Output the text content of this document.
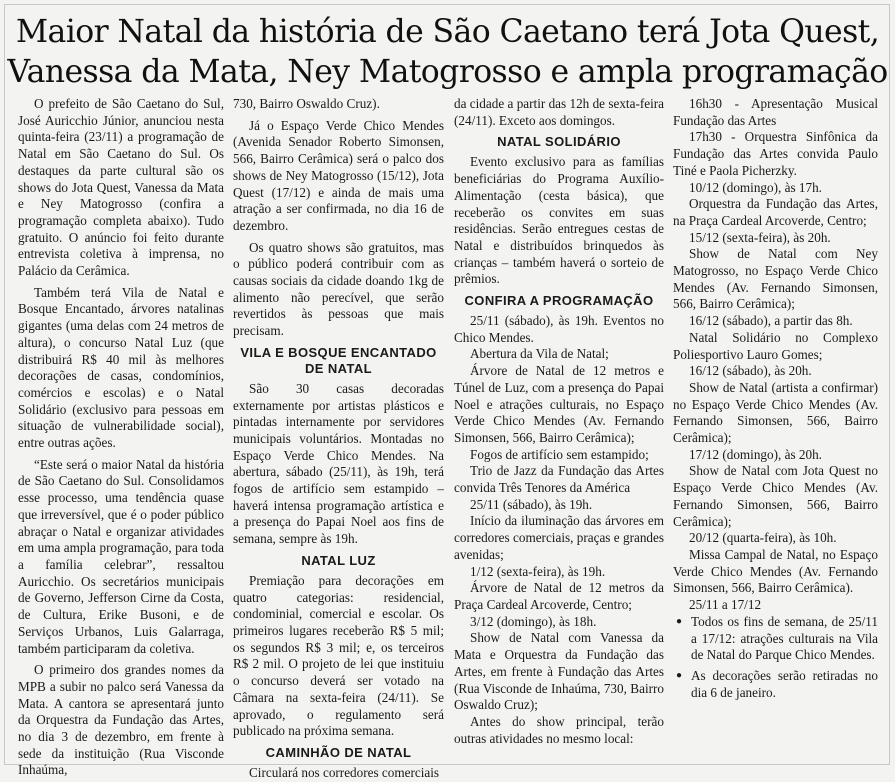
Maior Natal da história de São Caetano terá Jota Quest,
Vanessa da Mata, Ney Matogrosso e ampla programação

O prefeito de São Caetano do Sul, José Auricchio Júnior, anunciou nesta quinta-feira (23/11) a programação de Natal em São Caetano do Sul. Os destaques da parte cultural são os shows do Jota Quest, Vanessa da Mata e Ney Matogrosso (confira a programação completa abaixo). Tudo gratuito. O anúncio foi feito durante entrevista coletiva à imprensa, no Palácio da Cerâmica.

Também terá Vila de Natal e Bosque Encantado, árvores natalinas gigantes (uma delas com 24 metros de altura), o concurso Natal Luz (que distribuirá R$ 40 mil às melhores decorações de casas, condomínios, comércios e escolas) e o Natal Solidário (exclusivo para pessoas em situação de vulnerabilidade social), entre outras ações.

“Este será o maior Natal da história de São Caetano do Sul. Consolidamos esse processo, uma tendência quase que irreversível, que é o poder público abraçar o Natal e organizar atividades em uma ampla programação, para toda a família celebrar”, ressaltou Auricchio. Os secretários municipais de Governo, Jefferson Cirne da Costa, de Cultura, Erike Busoni, e de Serviços Urbanos, Luis Galarraga, também participaram da coletiva.

O primeiro dos grandes nomes da MPB a subir no palco será Vanessa da Mata. A cantora se apresentará junto da Orquestra da Fundação das Artes, no dia 3 de dezembro, em frente à sede da instituição (Rua Visconde Inhaúma,

730, Bairro Oswaldo Cruz).

Já o Espaço Verde Chico Mendes (Avenida Senador Roberto Simonsen, 566, Bairro Cerâmica) será o palco dos shows de Ney Matogrosso (15/12), Jota Quest (17/12) e ainda de mais uma atração a ser confirmada, no dia 16 de dezembro.

Os quatro shows são gratuitos, mas o público poderá contribuir com as causas sociais da cidade doando 1kg de alimento não perecível, que serão revertidos às pessoas que mais precisam.

VILA E BOSQUE ENCANTADO DE NATAL

São 30 casas decoradas externamente por artistas plásticos e pintadas internamente por servidores municipais voluntários. Montadas no Espaço Verde Chico Mendes. Na abertura, sábado (25/11), às 19h, terá fogos de artifício sem estampido – haverá intensa programação artística e a presença do Papai Noel aos fins de semana, sempre às 19h.

NATAL LUZ

Premiação para decorações em quatro categorias: residencial, condominial, comercial e escolar. Os primeiros lugares receberão R$ 5 mil; os segundos R$ 3 mil; e, os terceiros R$ 2 mil. O projeto de lei que instituiu o concurso deverá ser votado na Câmara na sexta-feira (24/11). Se aprovado, o regulamento será publicado na próxima semana.

CAMINHÃO DE NATAL

Circulará nos corredores comerciais

da cidade a partir das 12h de sexta-feira (24/11). Exceto aos domingos.

NATAL SOLIDÁRIO

Evento exclusivo para as famílias beneficiárias do Programa Auxílio-Alimentação (cesta básica), que receberão os convites em suas residências. Serão entregues cestas de Natal e distribuídos brinquedos às crianças – também haverá o sorteio de prêmios.

CONFIRA A PROGRAMAÇÃO

25/11 (sábado), às 19h. Eventos no Chico Mendes.

Abertura da Vila de Natal;

Árvore de Natal de 12 metros e Túnel de Luz, com a presença do Papai Noel e atrações culturais, no Espaço Verde Chico Mendes (Av. Fernando Simonsen, 566, Bairro Cerâmica);

Fogos de artifício sem estampido;

Trio de Jazz da Fundação das Artes convida Três Tenores da América

25/11 (sábado), às 19h.

Início da iluminação das árvores em corredores comerciais, praças e grandes avenidas;

1/12 (sexta-feira), às 19h.

Árvore de Natal de 12 metros da Praça Cardeal Arcoverde, Centro;

3/12 (domingo), às 18h.

Show de Natal com Vanessa da Mata e Orquestra da Fundação das Artes, em frente à Fundação das Artes (Rua Visconde de Inhaúma, 730, Bairro Oswaldo Cruz);

Antes do show principal, terão outras atividades no mesmo local:

16h30 - Apresentação Musical Fundação das Artes

17h30 - Orquestra Sinfônica da Fundação das Artes convida Paulo Tiné e Paola Picherzky.

10/12 (domingo), às 17h.

Orquestra da Fundação das Artes, na Praça Cardeal Arcoverde, Centro;

15/12 (sexta-feira), às 20h.

Show de Natal com Ney Matogrosso, no Espaço Verde Chico Mendes (Av. Fernando Simonsen, 566, Bairro Cerâmica);

16/12 (sábado), a partir das 8h.

Natal Solidário no Complexo Poliesportivo Lauro Gomes;

16/12 (sábado), às 20h.

Show de Natal (artista a confirmar) no Espaço Verde Chico Mendes (Av. Fernando Simonsen, 566, Bairro Cerâmica);

17/12 (domingo), às 20h.

Show de Natal com Jota Quest no Espaço Verde Chico Mendes (Av. Fernando Simonsen, 566, Bairro Cerâmica);

20/12 (quarta-feira), às 10h.

Missa Campal de Natal, no Espaço Verde Chico Mendes (Av. Fernando Simonsen, 566, Bairro Cerâmica).

25/11 a 17/12

● Todos os fins de semana, de 25/11 a 17/12: atrações culturais na Vila de Natal do Parque Chico Mendes.

● As decorações serão retiradas no dia 6 de janeiro.
